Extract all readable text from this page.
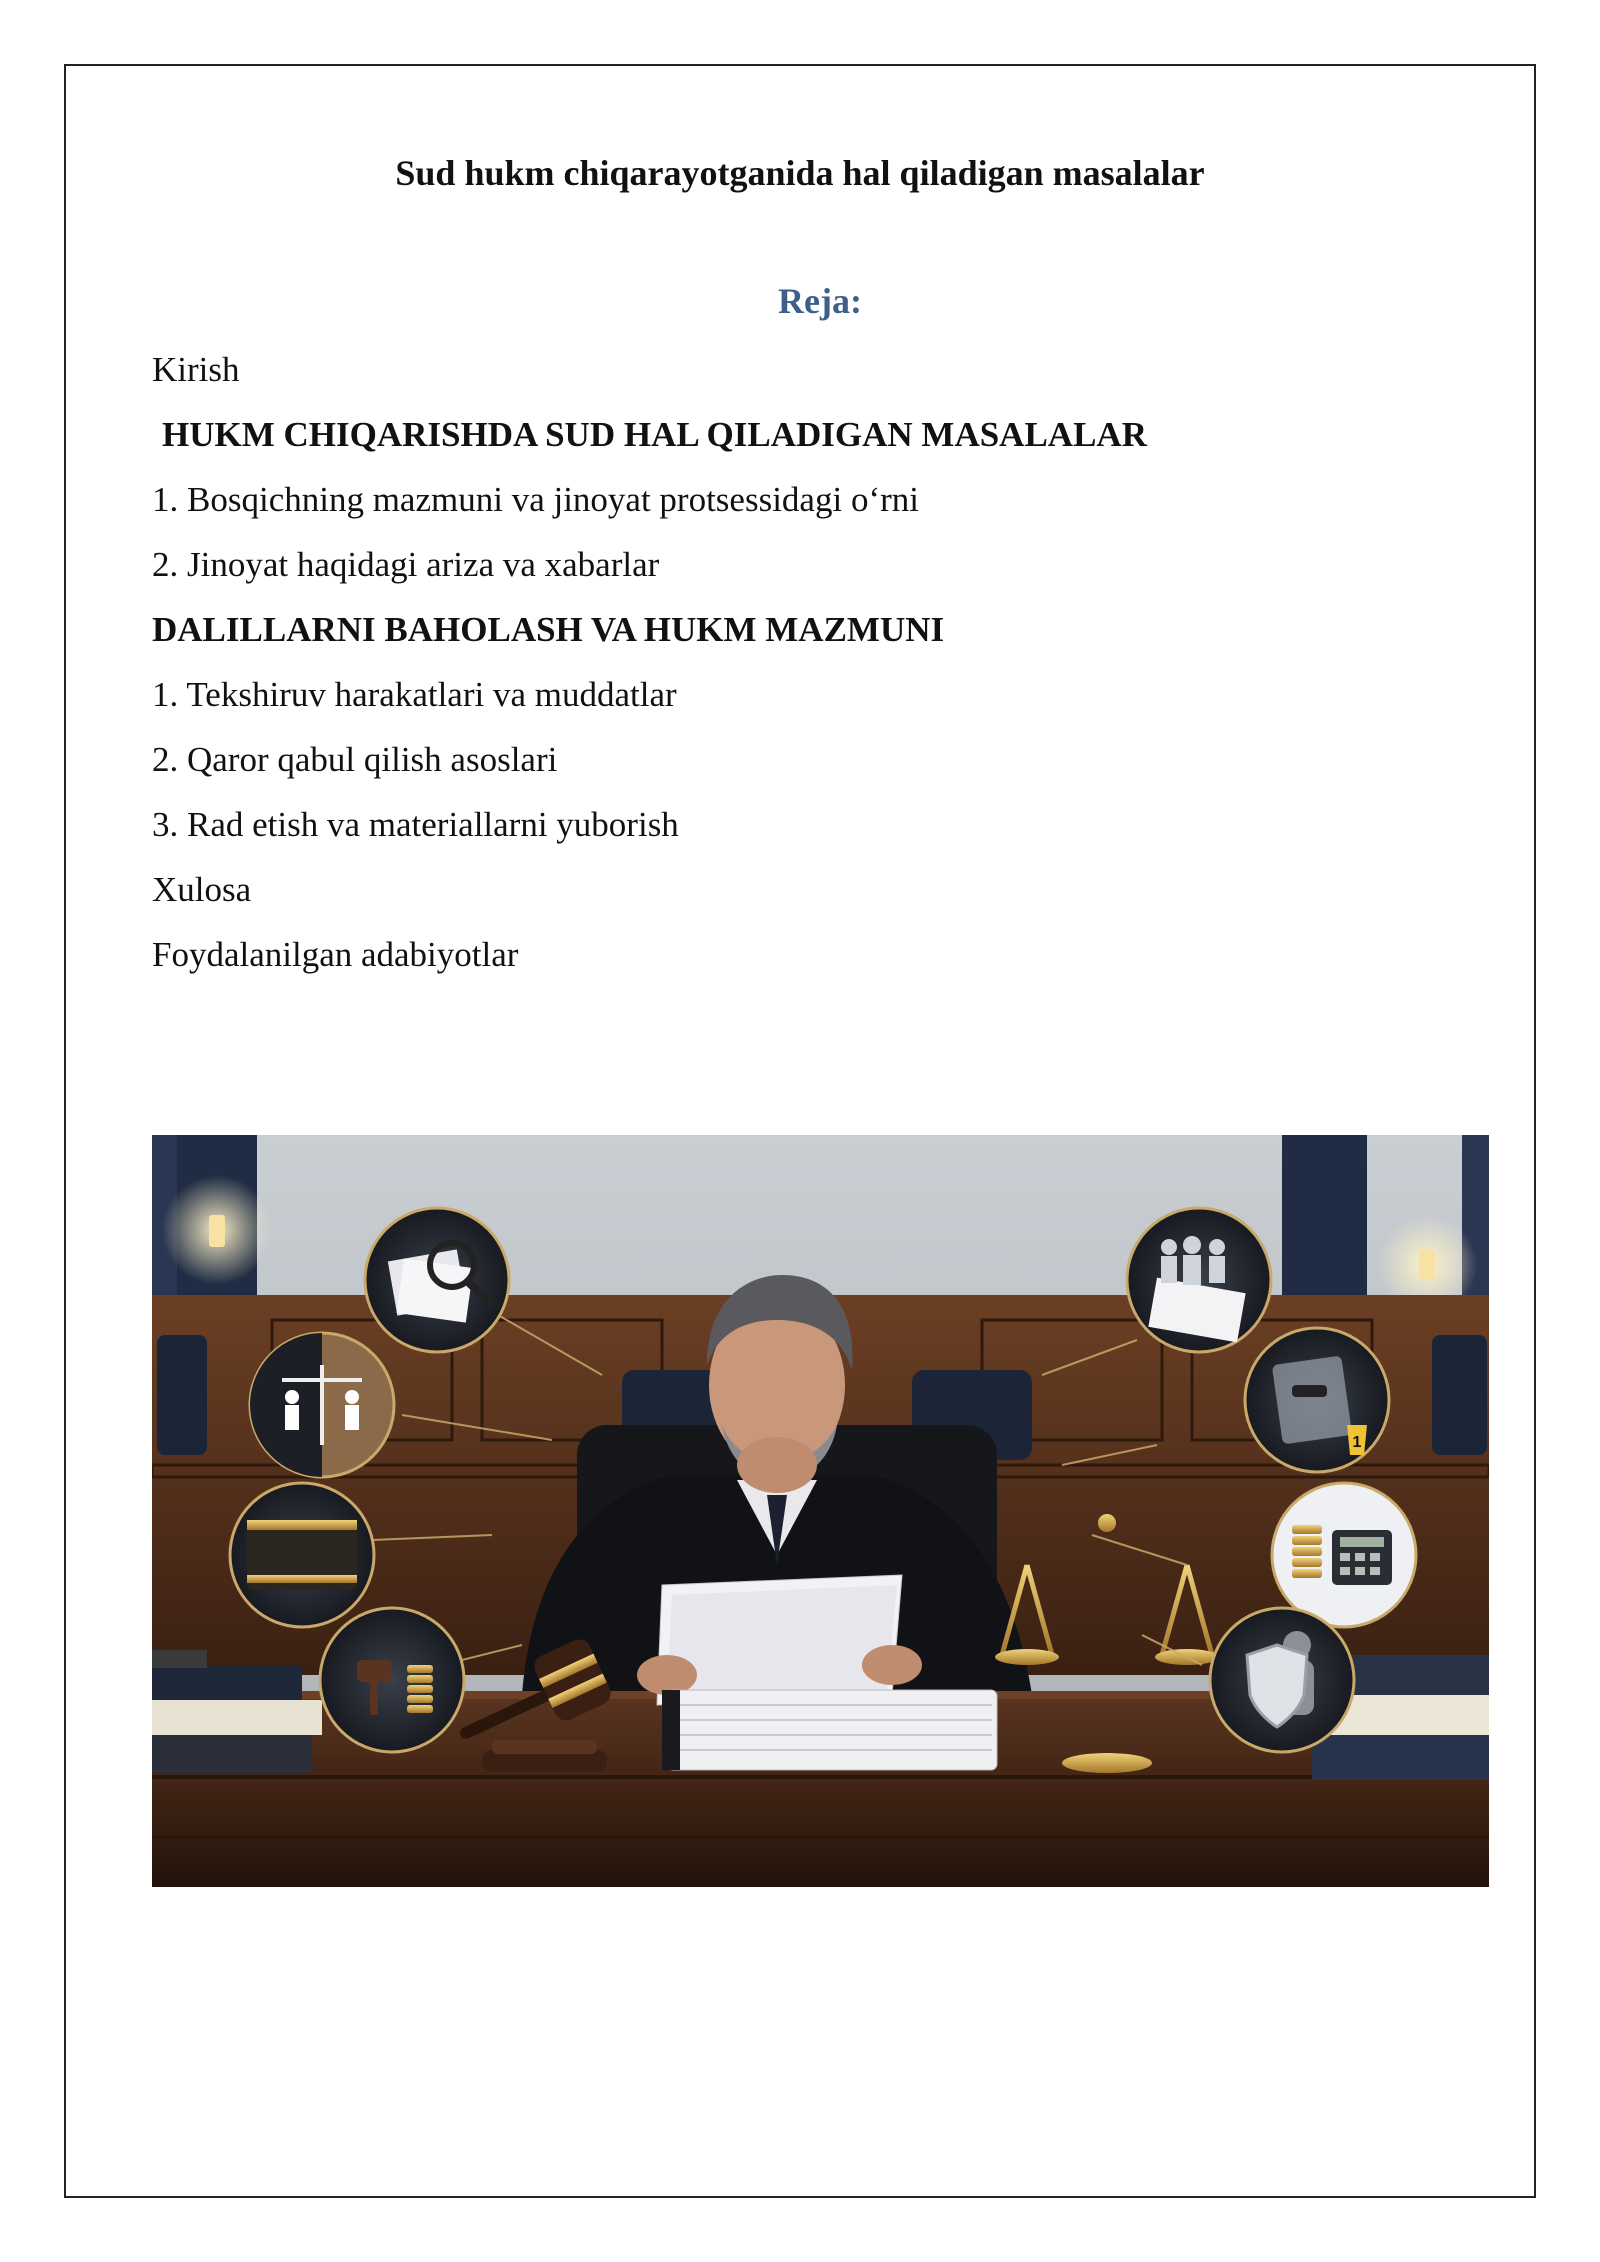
Sud hukm chiqarayotganida hal qiladigan masalalar
Reja:
Kirish
HUKM CHIQARISHDA SUD HAL QILADIGAN MASALALAR
1. Bosqichning mazmuni va jinoyat protsessidagi o‘rni
2. Jinoyat haqidagi ariza va xabarlar
DALILLARNI BAHOLASH VA HUKM MAZMUNI
1. Tekshiruv harakatlari va muddatlar
2. Qaror qabul qilish asoslari
3. Rad etish va materiallarni yuborish
Xulosa
Foydalanilgan adabiyotlar
1
